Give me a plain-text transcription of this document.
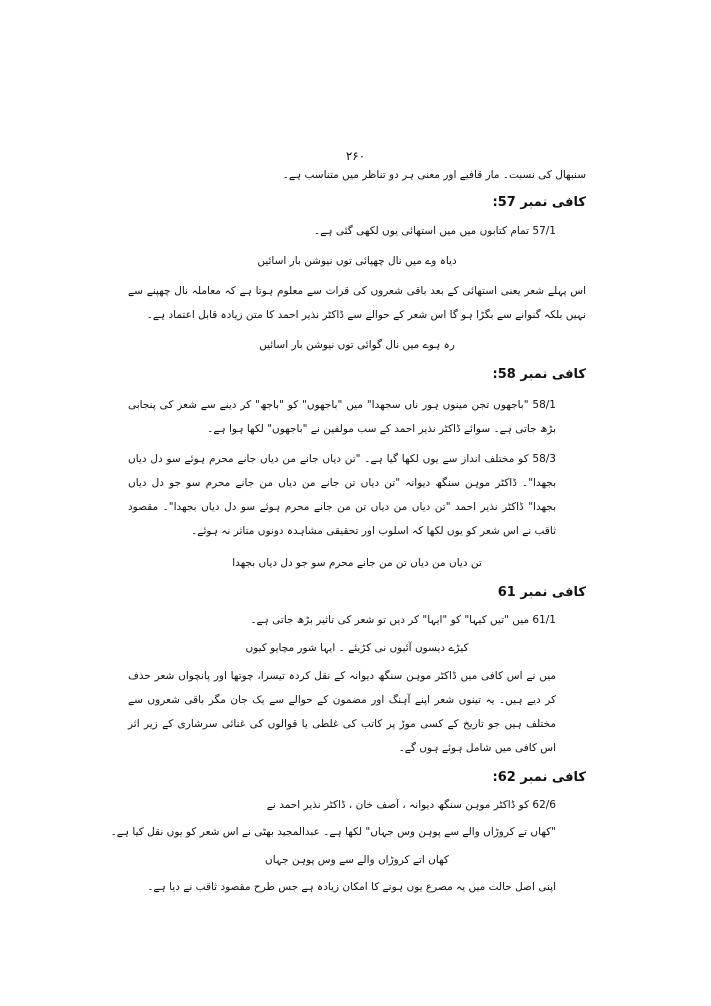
۲۶۰

سنبھال کی نسبت۔ مار قافیے اور معنی ہر دو تناظر میں متناسب ہے۔

کافی نمبر 57:

57/1 تمام کتابوں میں میں استھائی یوں لکھی گئی ہے۔

دیاہ وے میں نال چھپائی توں نیوشن بار اسائیں

اس پہلے شعر یعنی استھائی کے بعد باقی شعروں کی قرات سے معلوم ہوتا ہے کہ معاملہ نال چھپنے سے نہیں بلکہ گنوانے سے بگڑا ہو گا اس شعر کے حوالے سے ڈاکٹر نذیر احمد کا متن زیادہ قابل اعتماد ہے۔

رہ ہوے میں نال گوائی توں نیوشن بار اسائیں

کافی نمبر 58:

58/1 "باجھوں تجن مینوں ہور ناں سجھدا" میں "باجھوں" کو "باجھ" کر دینے سے شعر کی پنجابی بڑھ جاتی ہے۔ سوائے ڈاکٹر نذیر احمد کے سب مولفین نے "باجھوں" لکھا ہوا ہے۔

58/3 کو مختلف انداز سے یوں لکھا گیا ہے۔ "تن دیاں جانے من دیاں جانے محرم ہوئے سو دل دیاں بجھدا"۔ ڈاکٹر موہن سنگھ دیوانہ "تن دیاں تن جانے من دیاں من جانے محرم سو جو دل دیاں بجھدا" ڈاکٹر نذیر احمد "تن دیاں من دیاں تن من جانے محرم ہوئے سو دل دیاں بجھدا"۔ مقصود ثاقب نے اس شعر کو یوں لکھا کہ اسلوب اور تحقیقی مشاہدہ دونوں متاثر نہ ہوئے۔

تن دیاں من دیاں تن من جانے محرم سو جو دل دیاں بجھدا

کافی نمبر 61

61/1 میں "تیں کیہا" کو "ایہا" کر دیں تو شعر کی تاثیر بڑھ جاتی ہے۔

کیڑے دیسوں آئیوں نی کڑیئے ۔ ایہا شور مچایو کیوں

میں نے اس کافی میں ڈاکٹر موہن سنگھ دیوانہ کے نقل کردہ تیسرا، چوتھا اور پانچواں شعر حذف کر دیے ہیں۔ یہ تینوں شعر اپنے آہنگ اور مضمون کے حوالے سے یک جان مگر باقی شعروں سے مختلف ہیں جو تاریخ کے کسی موڑ پر کاتب کی غلطی یا قوالوں کی غنائی سرشاری کے زیر اثر اس کافی میں شامل ہوئے ہوں گے۔

کافی نمبر 62:

62/6 کو ڈاکٹر موہن سنگھ دیوانہ ، آصف خان ، ڈاکٹر نذیر احمد نے

"کھاں تے کروڑاں والے سے پوہن وس جہاں" لکھا ہے۔ عبدالمجید بھٹی نے اس شعر کو یوں نقل کیا ہے۔

کھاں اتے کروڑاں والے سے وس پوہن جہاں

اپنی اصل حالت میں یہ مصرع یوں ہونے کا امکان زیادہ ہے جس طرح مقصود ثاقب نے دیا ہے۔
